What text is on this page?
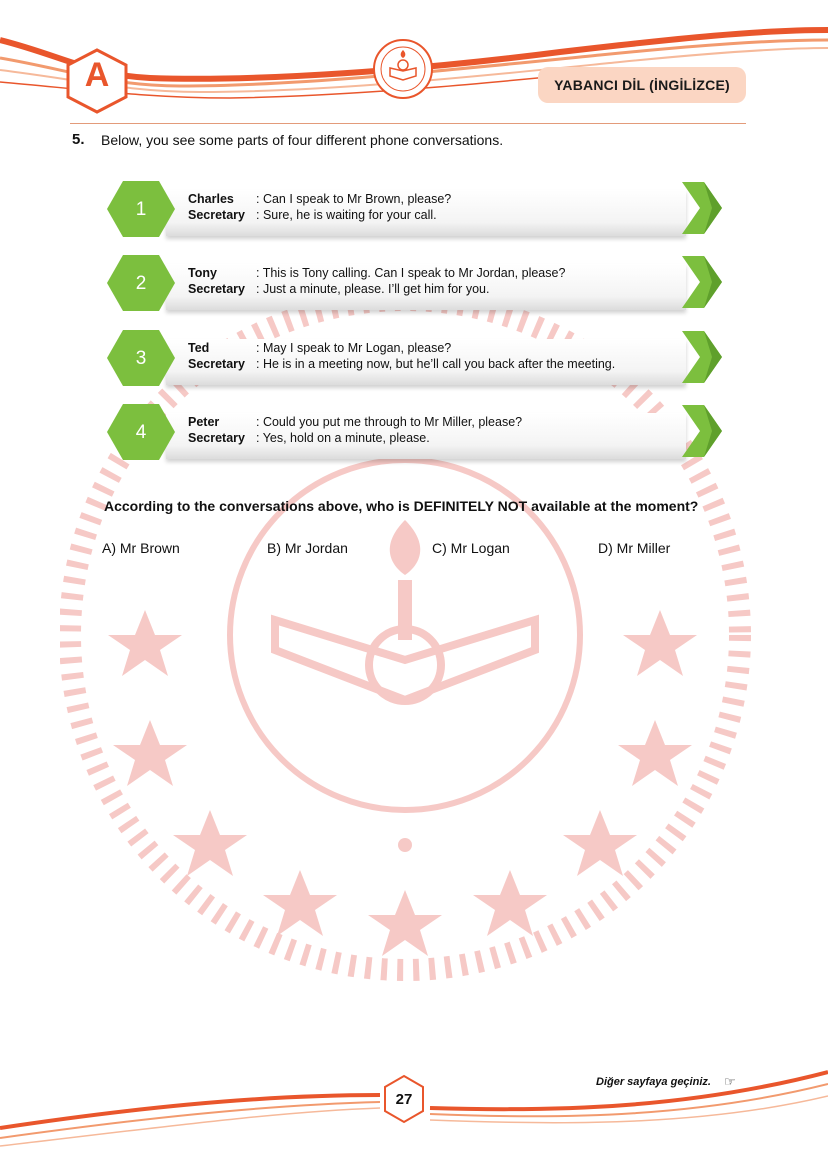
A	YABANCI DİL (İNGİLİZCE)
5. Below, you see some parts of four different phone conversations.
1	Charles : Can I speak to Mr Brown, please?
Secretary : Sure, he is waiting for your call.
2	Tony	: This is Tony calling. Can I speak to Mr Jordan, please?
Secretary : Just a minute, please. I’ll get him for you.
3	Ted	: May I speak to Mr Logan, please?
Secretary : He is in a meeting now, but he’ll call you back after the meeting.
4	Peter	: Could you put me through to Mr Miller, please?
Secretary : Yes, hold on a minute, please.
According to the conversations above, who is DEFINITELY NOT available at the moment?
A) Mr Brown	B) Mr Jordan	C) Mr Logan	D) Mr Miller
27
Diğer sayfaya geçiniz. ☞
